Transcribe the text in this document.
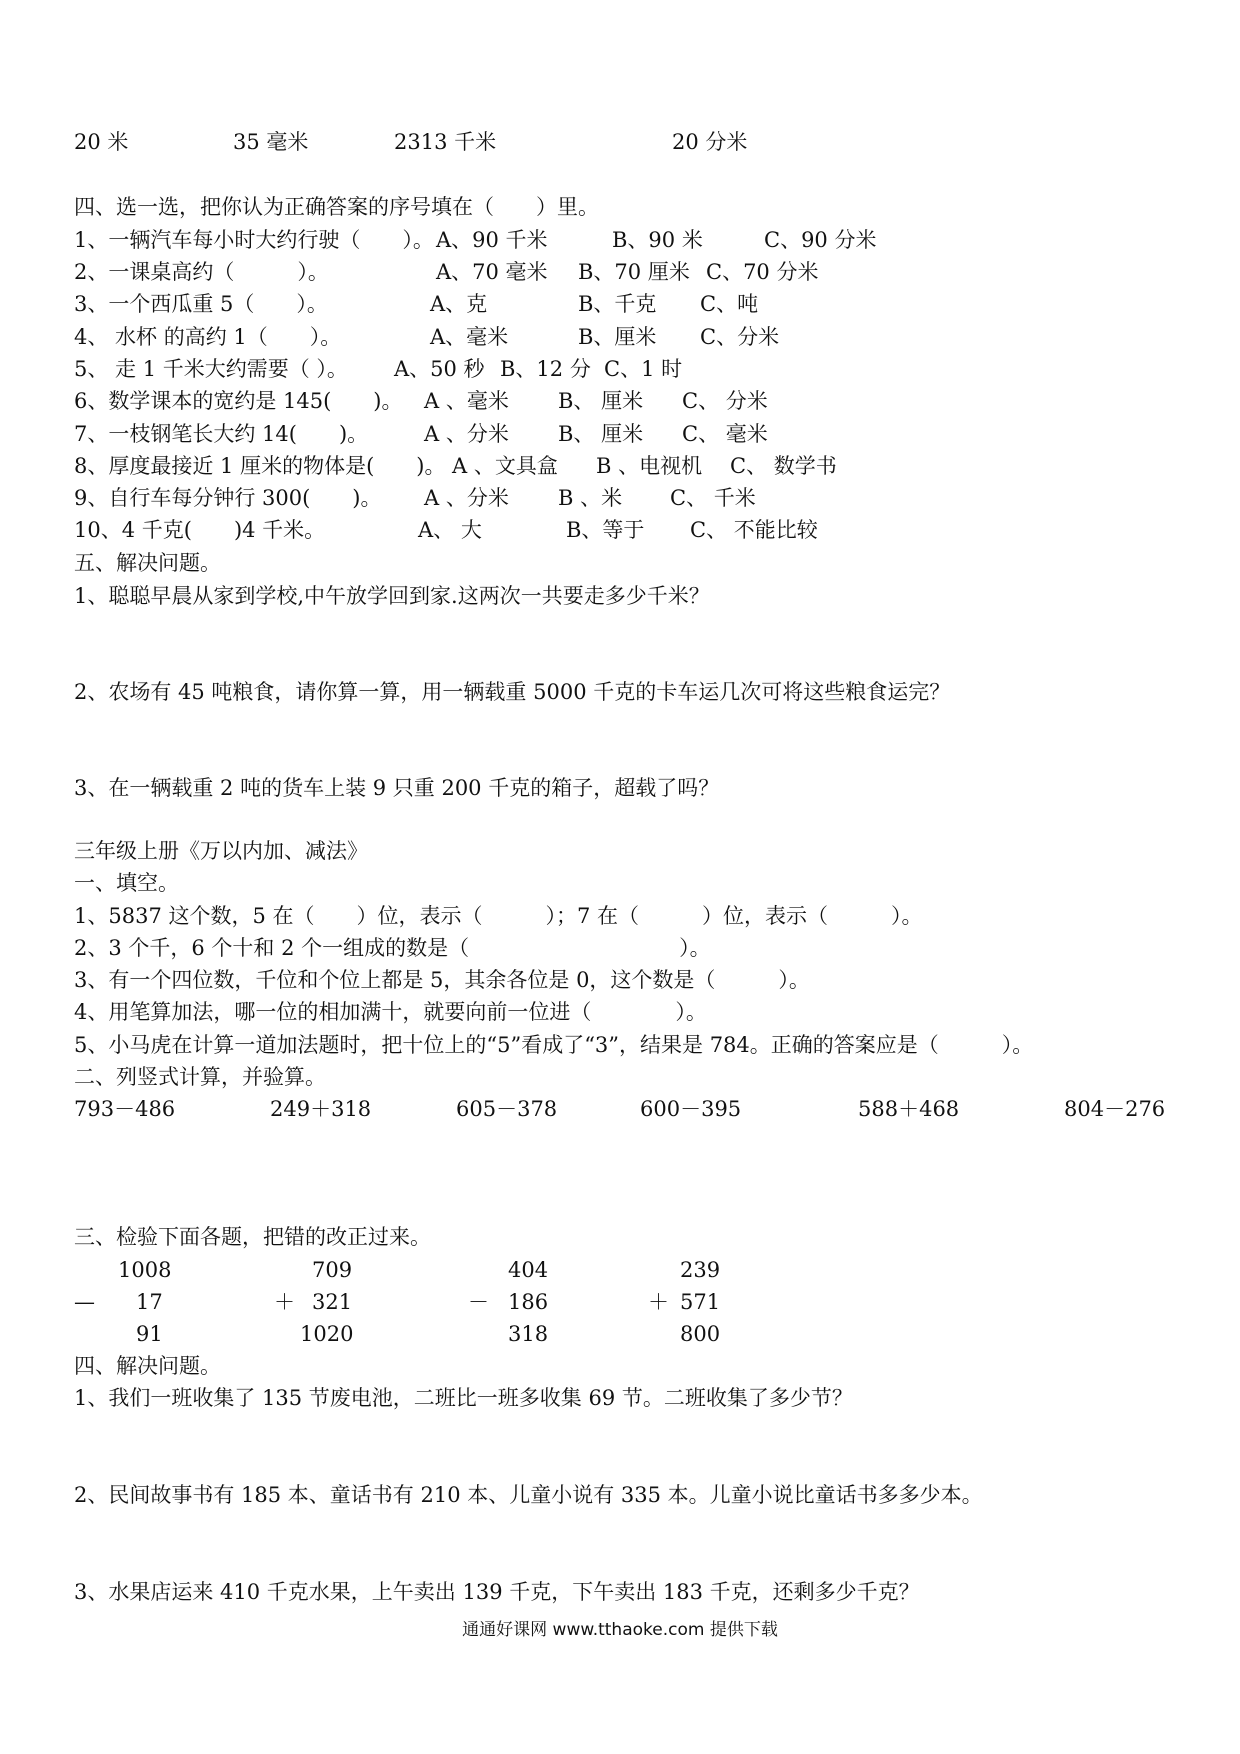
20 米	35 毫米	2313 千米	20 分米
四、选一选，把你认为正确答案的序号填在（　　）里。
1、一辆汽车每小时大约行驶（　　）。 A、90 千米	B、90 米	C、90 分米
2、一课桌高约（　　　）。	A、70 毫米 B、70 厘米 C、70 分米
3、一个西瓜重 5（　　）。	A、克	B、千克 C、吨
4、 水杯 的高约 1（　　）。	A、毫米	B、厘米 C、分米
5、 走 1 千米大约需要（ ）。 A、50 秒 B、12 分 C、1 时
6、数学课本的宽约是 145(　　)。 A 、毫米 B、 厘米 C、 分米
7、一枝钢笔长大约 14(　　)。	A 、分米 B、 厘米 C、 毫米
8、厚度最接近 1 厘米的物体是(　　)。 A 、文具盒 B 、电视机 C、 数学书
9、自行车每分钟行 300(　　)。 A 、分米 B 、米 C、 千米
10、4 千克(　　)4 千米。	A、 大	B、等于 C、 不能比较
五、解决问题。
1、聪聪早晨从家到学校,中午放学回到家.这两次一共要走多少千米？
2、农场有 45 吨粮食，请你算一算，用一辆载重 5000 千克的卡车运几次可将这些粮食运完？
3、在一辆载重 2 吨的货车上装 9 只重 200 千克的箱子，超载了吗？
三年级上册《万以内加、减法》
一、填空。
1、5837 这个数，5 在（　　）位，表示（　　　）；7 在（　　　）位，表示（　　　）。
2、3 个千，6 个十和 2 个一组成的数是（　　　　　　　　　　）。
3、有一个四位数，千位和个位上都是 5，其余各位是 0，这个数是（　　　）。
4、用笔算加法，哪一位的相加满十，就要向前一位进（　　　　）。
5、小马虎在计算一道加法题时，把十位上的“5”看成了“3”，结果是 784。正确的答案应是（　　　）。
二、列竖式计算，并验算。
793－486	249＋318	605－378	600－395	588＋468	804－276
三、检验下面各题，把错的改正过来。
1008	709	404	239
— 17	＋ 321	－ 186	＋ 571
91	1020	318	800
四、解决问题。
1、我们一班收集了 135 节废电池，二班比一班多收集 69 节。二班收集了多少节？
2、民间故事书有 185 本、童话书有 210 本、儿童小说有 335 本。儿童小说比童话书多多少本。
3、水果店运来 410 千克水果，上午卖出 139 千克，下午卖出 183 千克，还剩多少千克？
通通好课网 www.tthaoke.com 提供下载
